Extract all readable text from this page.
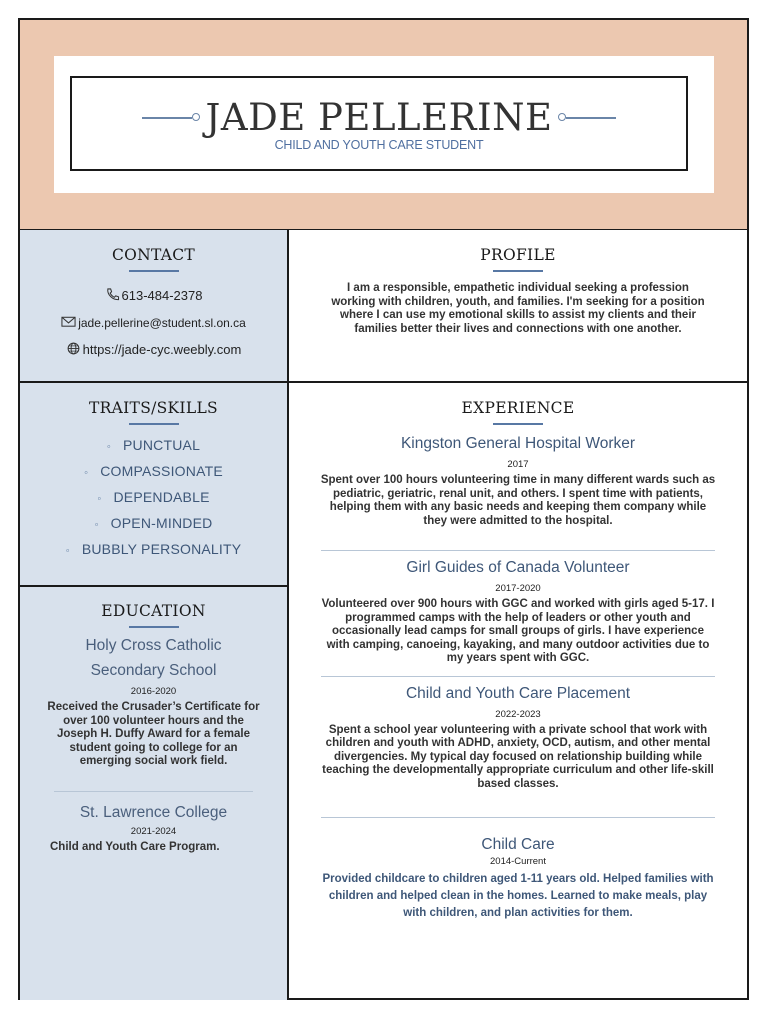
JADE PELLERINE
CHILD AND YOUTH CARE STUDENT
CONTACT
613-484-2378
jade.pellerine@student.sl.on.ca
https://jade-cyc.weebly.com
TRAITS/SKILLS
◦ PUNCTUAL
◦ COMPASSIONATE
◦ DEPENDABLE
◦ OPEN-MINDED
◦ BUBBLY PERSONALITY
EDUCATION
Holy Cross Catholic
Secondary School
2016-2020
Received the Crusader’s Certificate for over 100 volunteer hours and the Joseph H. Duffy Award for a female student going to college for an emerging social work field.
St. Lawrence College
2021-2024
Child and Youth Care Program.
PROFILE
I am a responsible, empathetic individual seeking a profession working with children, youth, and families. I'm seeking for a position where I can use my emotional skills to assist my clients and their families better their lives and connections with one another.
EXPERIENCE
Kingston General Hospital Worker
2017
Spent over 100 hours volunteering time in many different wards such as pediatric, geriatric, renal unit, and others. I spent time with patients, helping them with any basic needs and keeping them company while they were admitted to the hospital.
Girl Guides of Canada Volunteer
2017-2020
Volunteered over 900 hours with GGC and worked with girls aged 5-17. I programmed camps with the help of leaders or other youth and occasionally lead camps for small groups of girls. I have experience with camping, canoeing, kayaking, and many outdoor activities due to my years spent with GGC.
Child and Youth Care Placement
2022-2023
Spent a school year volunteering with a private school that work with children and youth with ADHD, anxiety, OCD, autism, and other mental divergencies. My typical day focused on relationship building while teaching the developmentally appropriate curriculum and other life-skill based classes.
Child Care
2014-Current
Provided childcare to children aged 1-11 years old. Helped families with children and helped clean in the homes. Learned to make meals, play with children, and plan activities for them.
